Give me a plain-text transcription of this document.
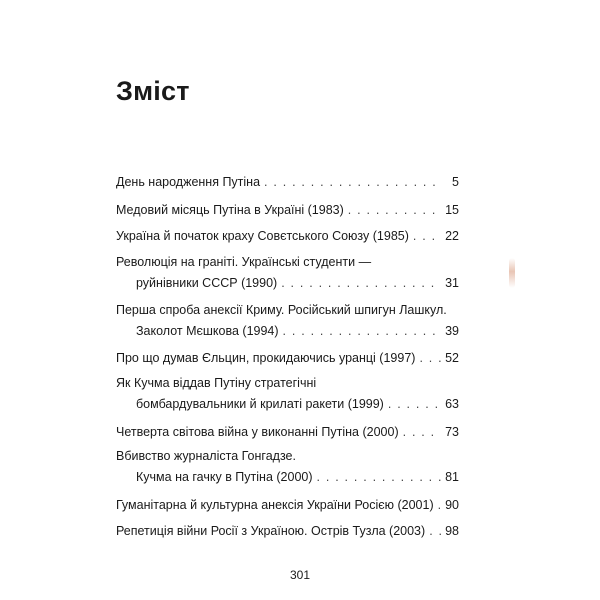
Зміст
День народження Путіна . . .	5
Медовий місяць Путіна в Україні (1983) . . .	15
Україна й початок краху Совєтського Союзу (1985) . . .	22
Революція на граніті. Українські студенти —
руйнівники СССР (1990) . . .	31
Перша спроба анексії Криму. Російський шпигун Лашкул.
Заколот Мєшкова (1994) . . .	39
Про що думав Єльцин, прокидаючись уранці (1997) . . . 52
Як Кучма віддав Путіну стратегічні
бомбардувальники й крилаті ракети (1999) . . .	63
Четверта світова війна у виконанні Путіна (2000) . . .	73
Вбивство журналіста Гонгадзе.
Кучма на гачку в Путіна (2000) . . .	81
Гуманітарна й культурна анексія України Росією (2001) . . . 90
Репетиція війни Росії з Україною. Острів Тузла (2003) . . . 98
301
